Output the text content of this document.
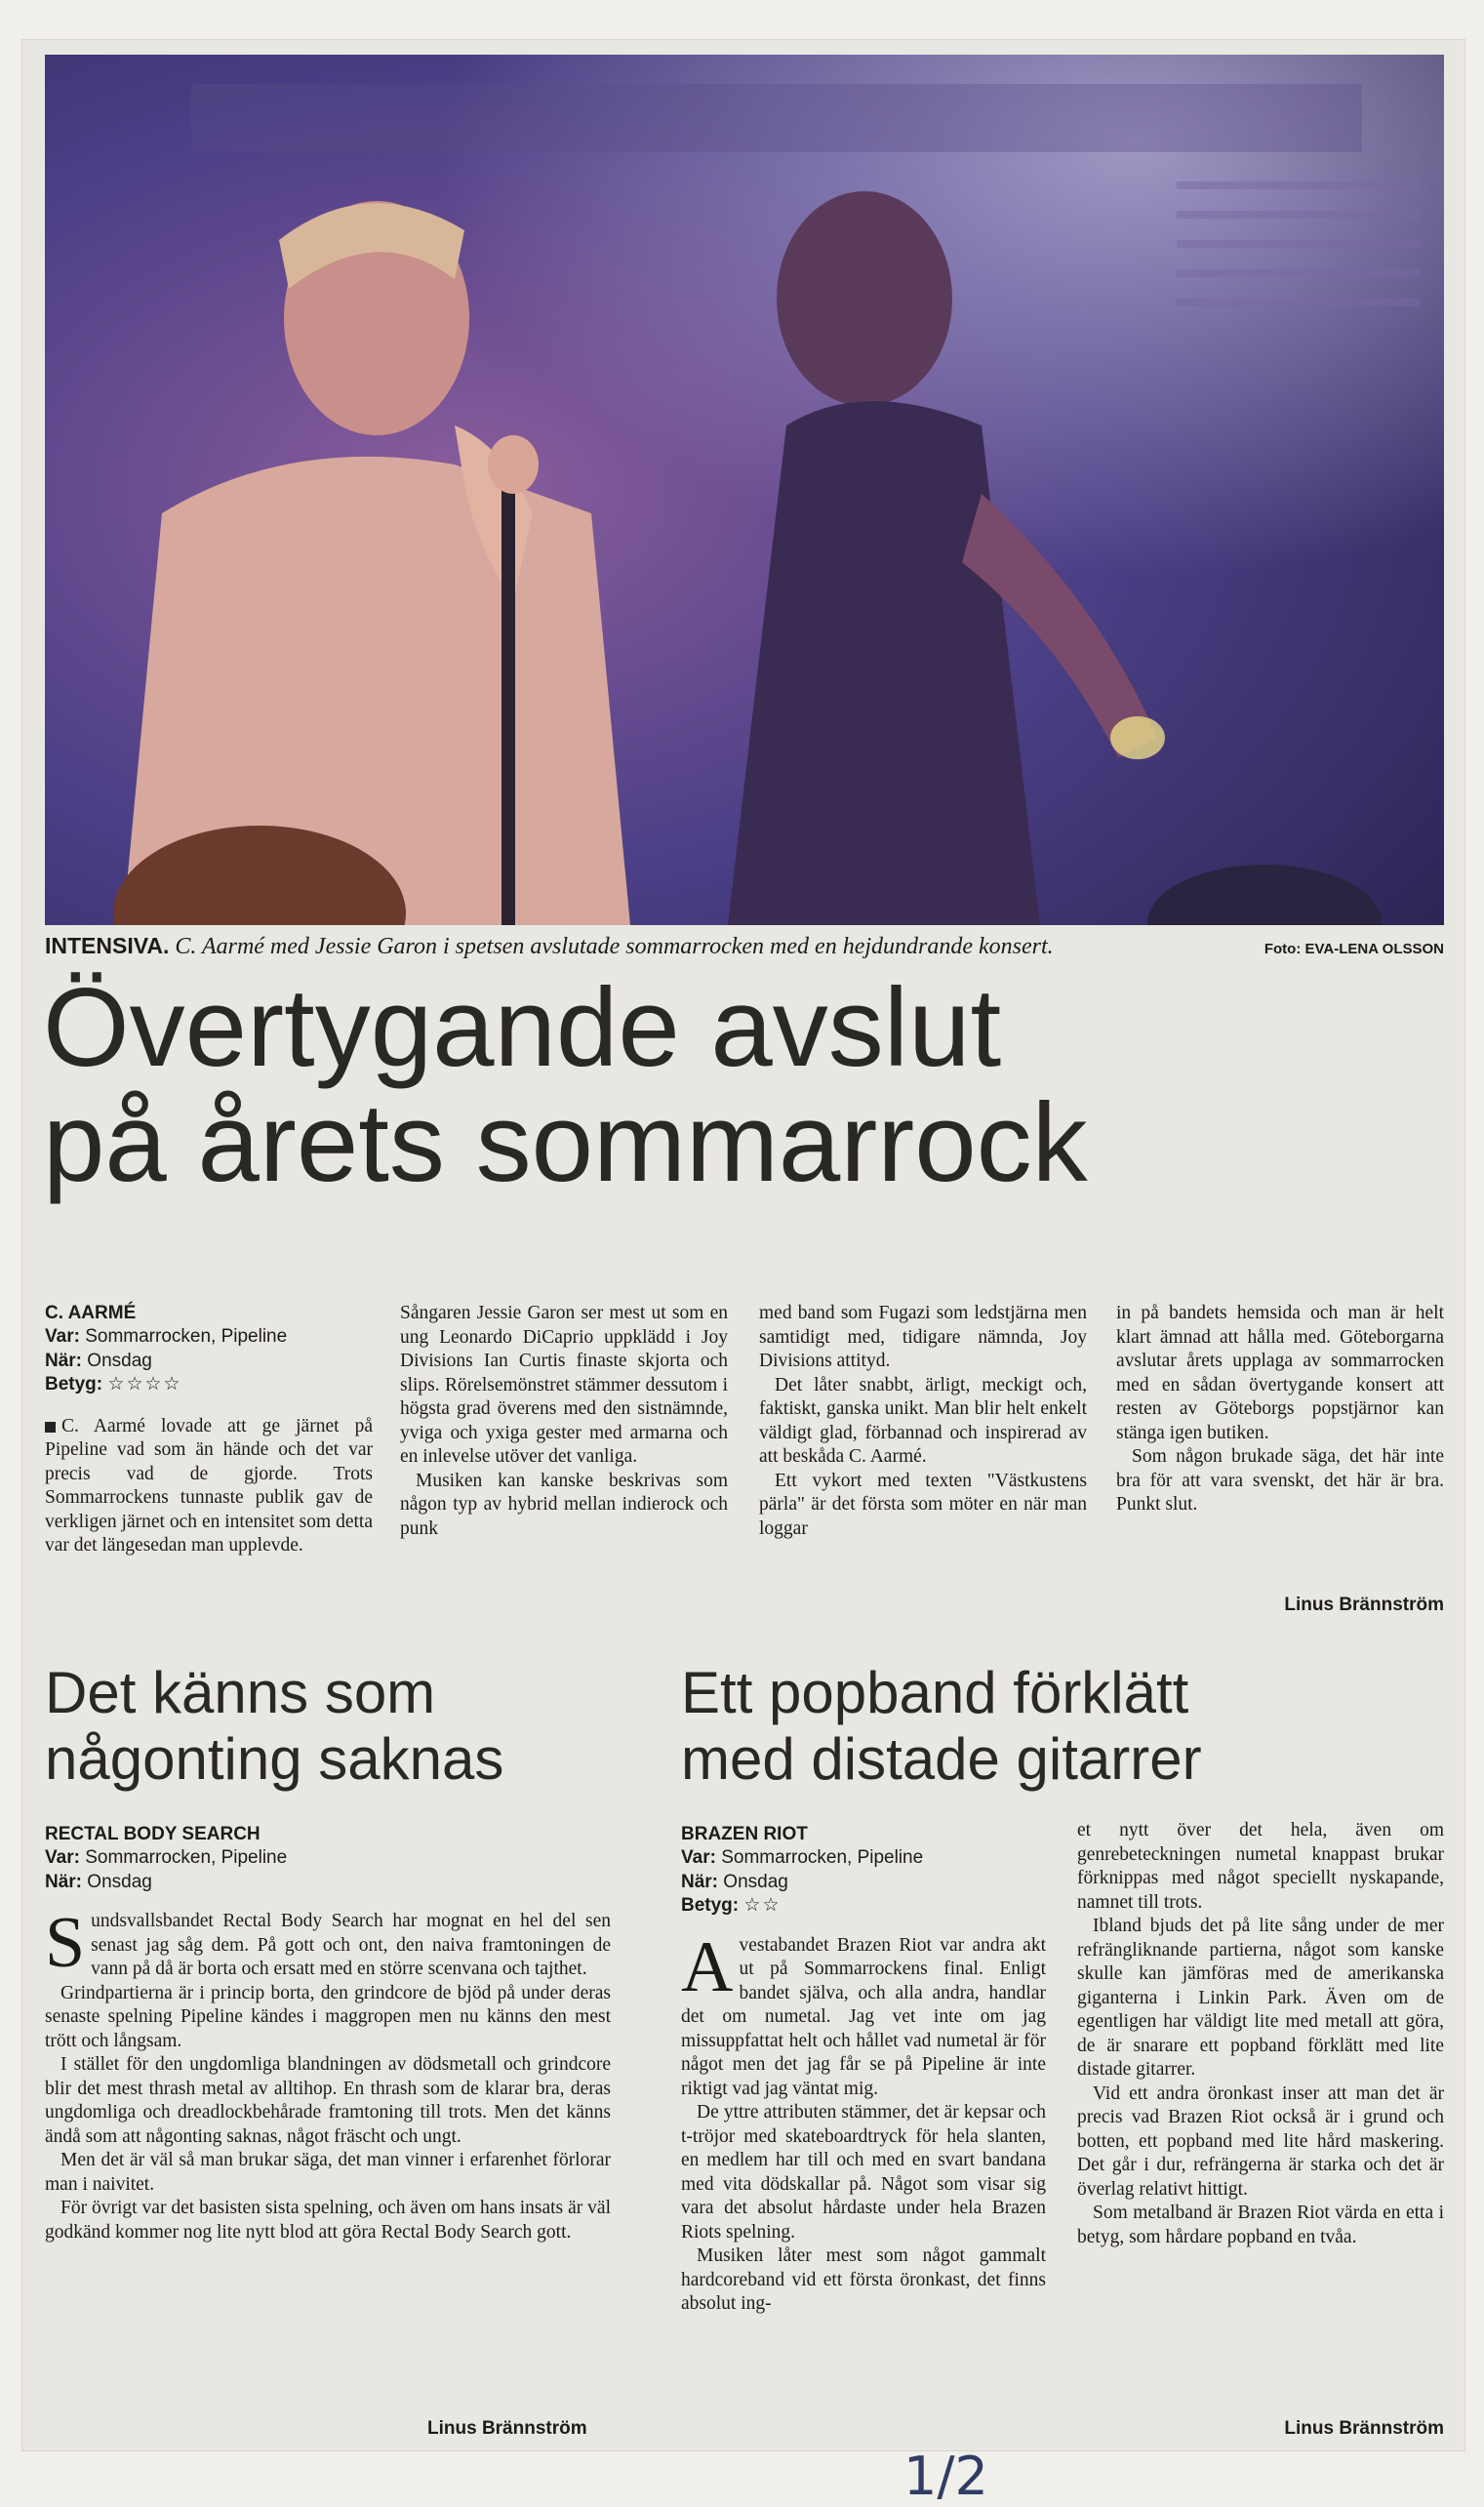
INTENSIVA. C. Aarmé med Jessie Garon i spetsen avslutade sommarrocken med en hejdundrande konsert.	Foto: EVA-LENA OLSSON
Övertygande avslut
på årets sommarrock
C. AARMÉ
Var: Sommarrocken, Pipeline
När: Onsdag
Betyg: ☆☆☆☆

C. Aarmé lovade att ge järnet på Pipeline vad som än hände och det var precis vad de gjorde. Trots Sommarrockens tunnaste publik gav de verkligen järnet och en intensitet som detta var det längesedan man upplevde.

Sångaren Jessie Garon ser mest ut som en ung Leonardo DiCaprio uppklädd i Joy Divisions Ian Curtis finaste skjorta och slips. Rörelsemönstret stämmer dessutom i högsta grad överens med den sistnämnde, yviga och yxiga gester med armarna och en inlevelse utöver det vanliga.

Musiken kan kanske beskrivas som någon typ av hybrid mellan indierock och punk

med band som Fugazi som ledstjärna men samtidigt med, tidigare nämnda, Joy Divisions attityd.

Det låter snabbt, ärligt, meckigt och, faktiskt, ganska unikt. Man blir helt enkelt väldigt glad, förbannad och inspirerad av att beskåda C. Aarmé.

Ett vykort med texten "Västkustens pärla" är det första som möter en när man loggar

in på bandets hemsida och man är helt klart ämnad att hålla med. Göteborgarna avslutar årets upplaga av sommarrocken med en sådan övertygande konsert att resten av Göteborgs popstjärnor kan stänga igen butiken.

Som någon brukade säga, det här inte bra för att vara svenskt, det här är bra. Punkt slut.

Linus Brännström
Det känns som
någonting saknas
RECTAL BODY SEARCH
Var: Sommarrocken, Pipeline
När: Onsdag

Sundsvallsbandet Rectal Body Search har mognat en hel del sen senast jag såg dem. På gott och ont, den naiva framtoningen de vann på då är borta och ersatt med en större scenvana och tajthet.

Grindpartierna är i princip borta, den grindcore de bjöd på under deras senaste spelning Pipeline kändes i maggropen men nu känns den mest trött och långsam.

I stället för den ungdomliga blandningen av dödsmetall och grindcore blir det mest thrash metal av alltihop. En thrash som de klarar bra, deras ungdomliga och dreadlockbehårade framtoning till trots. Men det känns ändå som att någonting saknas, något fräscht och ungt.

Men det är väl så man brukar säga, det man vinner i erfarenhet förlorar man i naivitet.

För övrigt var det basisten sista spelning, och även om hans insats är väl godkänd kommer nog lite nytt blod att göra Rectal Body Search gott.

Linus Brännström
Ett popband förklätt
med distade gitarrer
BRAZEN RIOT
Var: Sommarrocken, Pipeline
När: Onsdag
Betyg: ☆☆

Avestabandet Brazen Riot var andra akt ut på Sommarrockens final. Enligt bandet själva, och alla andra, handlar det om numetal. Jag vet inte om jag missuppfattat helt och hållet vad numetal är för något men det jag får se på Pipeline är inte riktigt vad jag väntat mig.

De yttre attributen stämmer, det är kepsar och t-tröjor med skateboardtryck för hela slanten, en medlem har till och med en svart bandana med vita dödskallar på. Något som visar sig vara det absolut hårdaste under hela Brazen Riots spelning.

Musiken låter mest som något gammalt hardcoreband vid ett första öronkast, det finns absolut ing-

et nytt över det hela, även om genrebeteckningen numetal knappast brukar förknippas med något speciellt nyskapande, namnet till trots.

Ibland bjuds det på lite sång under de mer refrängliknande partierna, något som kanske skulle kan jämföras med de amerikanska giganterna i Linkin Park. Även om de egentligen har väldigt lite med metall att göra, de är snarare ett popband förklätt med lite distade gitarrer.

Vid ett andra öronkast inser att man det är precis vad Brazen Riot också är i grund och botten, ett popband med lite hård maskering. Det går i dur, refrängerna är starka och det är överlag relativt hittigt.

Som metalband är Brazen Riot värda en etta i betyg, som hårdare popband en tvåa.

Linus Brännström
1/2
